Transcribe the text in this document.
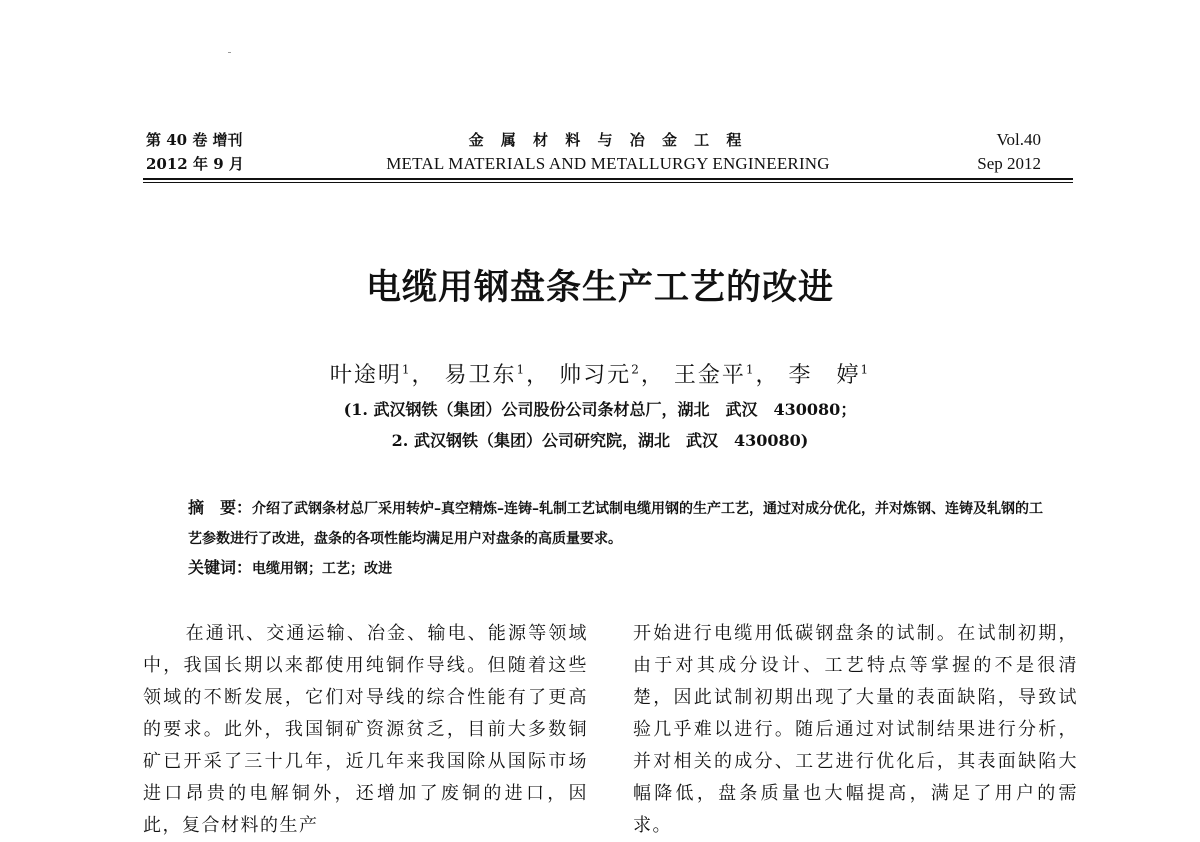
第 40 卷 增刊
2012 年 9 月
金 属 材 料 与 冶 金 工 程
METAL MATERIALS AND METALLURGY ENGINEERING
Vol.40
Sep 2012
电缆用钢盘条生产工艺的改进
叶途明$^1$， 易卫东$^1$， 帅习元$^2$， 王金平$^1$， 李　婷$^1$
(1. 武汉钢铁（集团）公司股份公司条材总厂，湖北　武汉　430080；
2. 武汉钢铁（集团）公司研究院，湖北　武汉　430080)
摘　要：介绍了武钢条材总厂采用转炉–真空精炼–连铸–轧制工艺试制电缆用钢的生产工艺，通过对成分优化，并对炼钢、连铸及轧钢的工艺参数进行了改进，盘条的各项性能均满足用户对盘条的高质量要求。
关键词：电缆用钢；工艺；改进
在通讯、交通运输、冶金、输电、能源等领域中，我国长期以来都使用纯铜作导线。但随着这些领域的不断发展，它们对导线的综合性能有了更高的要求。此外，我国铜矿资源贫乏，目前大多数铜矿已开采了三十几年，近几年来我国除从国际市场进口昂贵的电解铜外，还增加了废铜的进口，因此，复合材料的生产
开始进行电缆用低碳钢盘条的试制。在试制初期，由于对其成分设计、工艺特点等掌握的不是很清楚，因此试制初期出现了大量的表面缺陷，导致试验几乎难以进行。随后通过对试制结果进行分析，并对相关的成分、工艺进行优化后，其表面缺陷大幅降低，盘条质量也大幅提高，满足了用户的需求。
